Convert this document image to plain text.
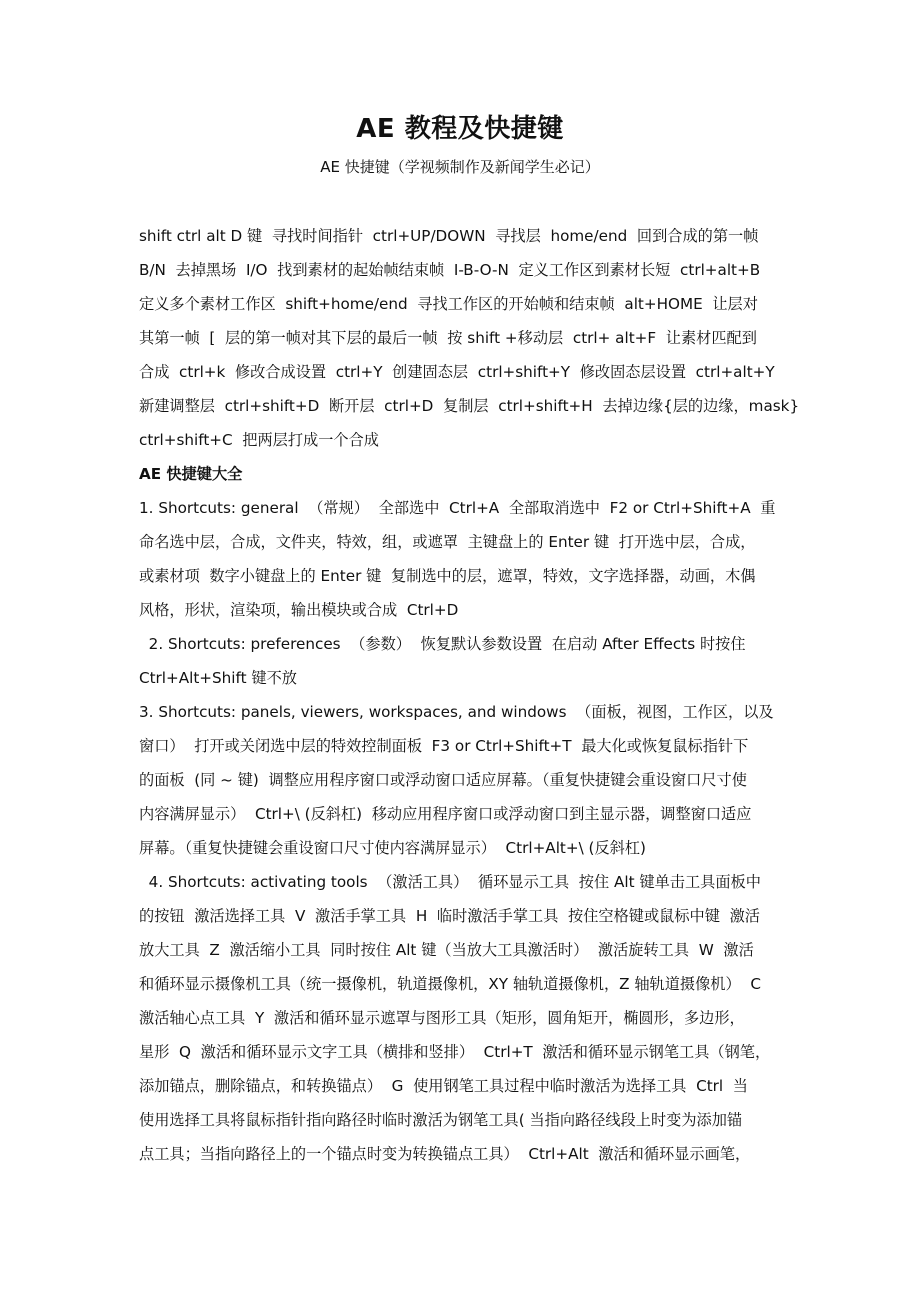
AE 教程及快捷键
AE 快捷键（学视频制作及新闻学生必记）
shift ctrl alt D 键  寻找时间指针  ctrl+UP/DOWN  寻找层  home/end  回到合成的第一帧
B/N  去掉黑场  I/O  找到素材的起始帧结束帧  I-B-O-N  定义工作区到素材长短  ctrl+alt+B
定义多个素材工作区  shift+home/end  寻找工作区的开始帧和结束帧  alt+HOME  让层对
其第一帧  [  层的第一帧对其下层的最后一帧  按 shift +移动层  ctrl+ alt+F  让素材匹配到
合成  ctrl+k  修改合成设置  ctrl+Y  创建固态层  ctrl+shift+Y  修改固态层设置  ctrl+alt+Y
新建调整层  ctrl+shift+D  断开层  ctrl+D  复制层  ctrl+shift+H  去掉边缘{层的边缘，mask}
ctrl+shift+C  把两层打成一个合成
AE 快捷键大全
1. Shortcuts: general  （常规）  全部选中  Ctrl+A  全部取消选中  F2 or Ctrl+Shift+A  重
命名选中层，合成，文件夹，特效，组，或遮罩  主键盘上的 Enter 键  打开选中层，合成，
或素材项  数字小键盘上的 Enter 键  复制选中的层，遮罩，特效，文字选择器，动画，木偶
风格，形状，渲染项，输出模块或合成  Ctrl+D
2. Shortcuts: preferences  （参数）  恢复默认参数设置  在启动 After Effects 时按住
Ctrl+Alt+Shift 键不放
3. Shortcuts: panels, viewers, workspaces, and windows  （面板，视图，工作区，以及
窗口）  打开或关闭选中层的特效控制面板  F3 or Ctrl+Shift+T  最大化或恢复鼠标指针下
的面板  (同 ~ 键)  调整应用程序窗口或浮动窗口适应屏幕。（重复快捷键会重设窗口尺寸使
内容满屏显示）  Ctrl+\ (反斜杠)  移动应用程序窗口或浮动窗口到主显示器，调整窗口适应
屏幕。（重复快捷键会重设窗口尺寸使内容满屏显示）  Ctrl+Alt+\ (反斜杠)
4. Shortcuts: activating tools  （激活工具）  循环显示工具  按住 Alt 键单击工具面板中
的按钮  激活选择工具  V  激活手掌工具  H  临时激活手掌工具  按住空格键或鼠标中键  激活
放大工具  Z  激活缩小工具  同时按住 Alt 键（当放大工具激活时）  激活旋转工具  W  激活
和循环显示摄像机工具（统一摄像机，轨道摄像机，XY 轴轨道摄像机，Z 轴轨道摄像机）  C
激活轴心点工具  Y  激活和循环显示遮罩与图形工具（矩形，圆角矩开，椭圆形，多边形，
星形  Q  激活和循环显示文字工具（横排和竖排）  Ctrl+T  激活和循环显示钢笔工具（钢笔，
添加锚点，删除锚点，和转换锚点）  G  使用钢笔工具过程中临时激活为选择工具  Ctrl  当
使用选择工具将鼠标指针指向路径时临时激活为钢笔工具( 当指向路径线段上时变为添加锚
点工具；当指向路径上的一个锚点时变为转换锚点工具）  Ctrl+Alt  激活和循环显示画笔，
